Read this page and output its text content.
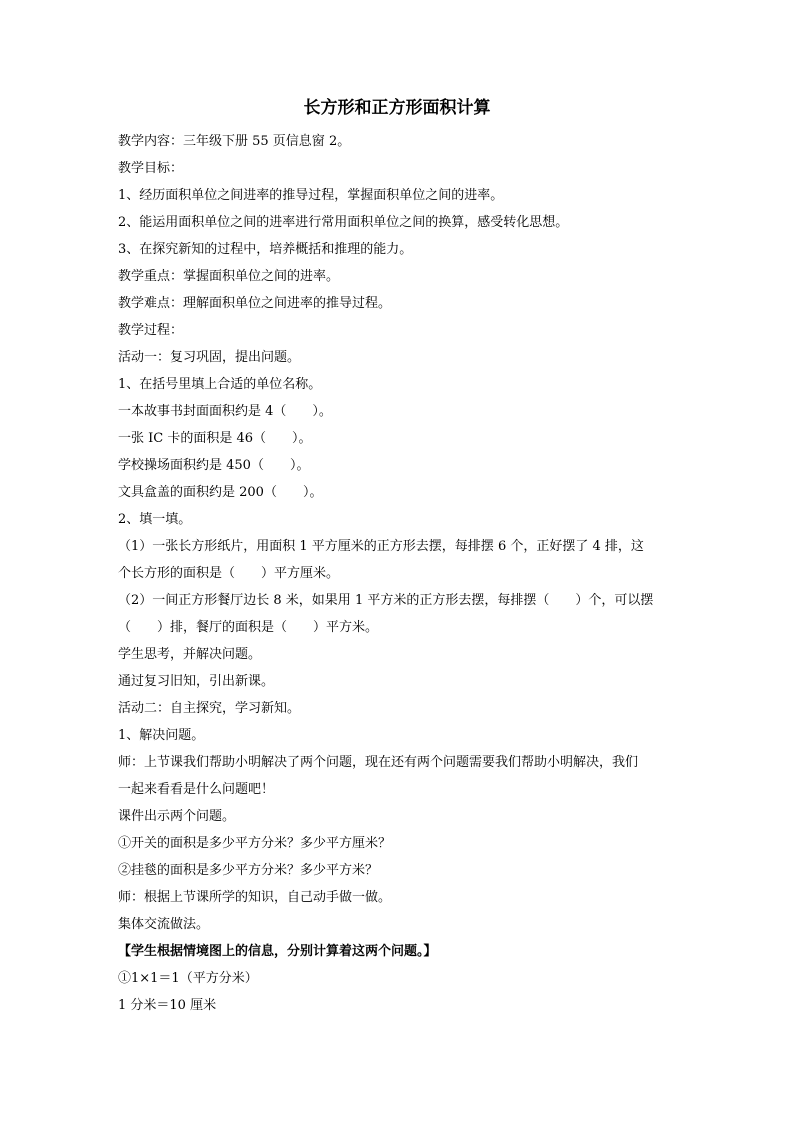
长方形和正方形面积计算
教学内容：三年级下册 55 页信息窗 2。
教学目标：
1、经历面积单位之间进率的推导过程，掌握面积单位之间的进率。
2、能运用面积单位之间的进率进行常用面积单位之间的换算，感受转化思想。
3、在探究新知的过程中，培养概括和推理的能力。
教学重点：掌握面积单位之间的进率。
教学难点：理解面积单位之间进率的推导过程。
教学过程：
活动一：复习巩固，提出问题。
1、在括号里填上合适的单位名称。
一本故事书封面面积约是 4（　　）。
一张 IC 卡的面积是 46（　　）。
学校操场面积约是 450（　　）。
文具盒盖的面积约是 200（　　）。
2、填一填。
（1）一张长方形纸片，用面积 1 平方厘米的正方形去摆，每排摆 6 个，正好摆了 4 排，这
个长方形的面积是（　　）平方厘米。
（2）一间正方形餐厅边长 8 米，如果用 1 平方米的正方形去摆，每排摆（　　）个，可以摆
（　　）排，餐厅的面积是（　　）平方米。
学生思考，并解决问题。
通过复习旧知，引出新课。
活动二：自主探究，学习新知。
1、解决问题。
师：上节课我们帮助小明解决了两个问题，现在还有两个问题需要我们帮助小明解决，我们
一起来看看是什么问题吧！
课件出示两个问题。
①开关的面积是多少平方分米？多少平方厘米？
②挂毯的面积是多少平方分米？多少平方米？
师：根据上节课所学的知识，自己动手做一做。
集体交流做法。
【学生根据情境图上的信息，分别计算着这两个问题。】
①1×1＝1（平方分米）
1 分米＝10 厘米
